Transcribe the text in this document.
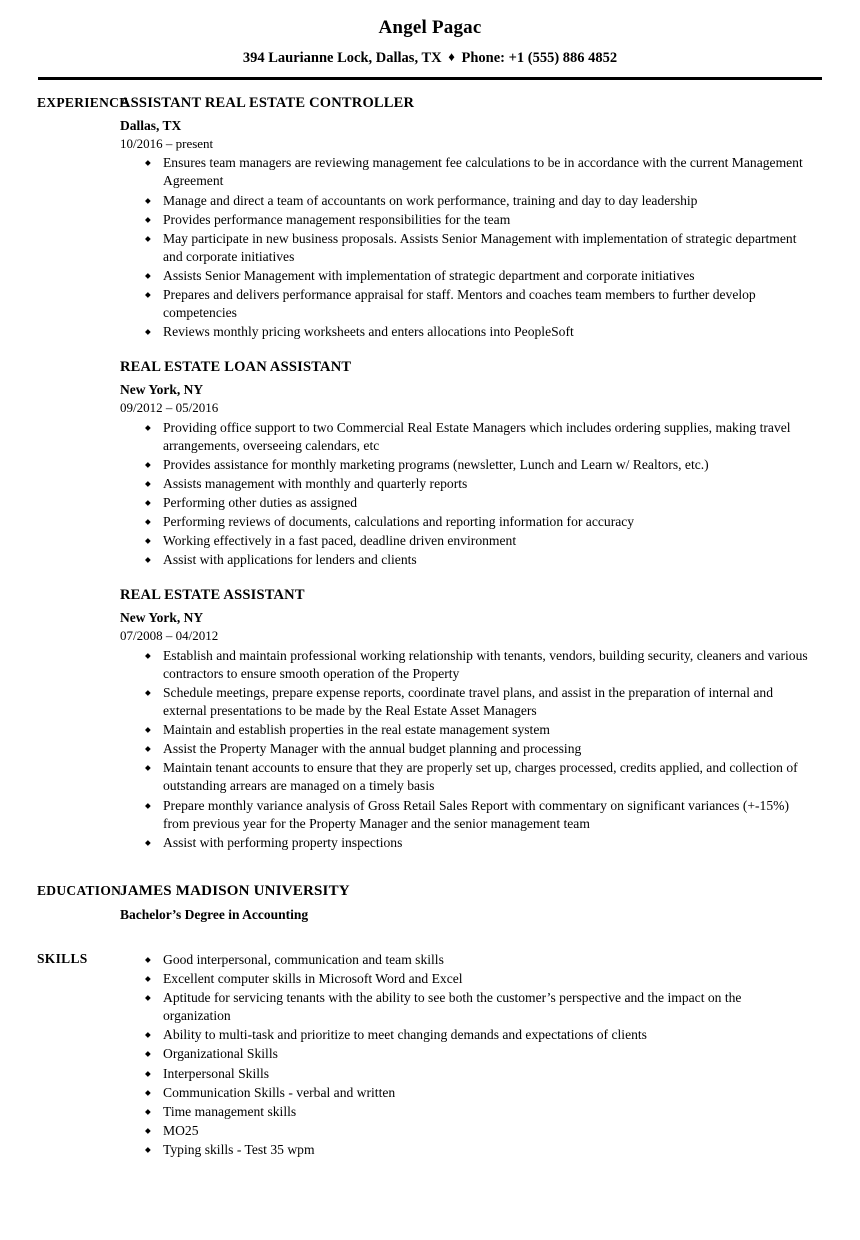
Angel Pagac
394 Laurianne Lock, Dallas, TX ♦ Phone: +1 (555) 886 4852
EXPERIENCE
ASSISTANT REAL ESTATE CONTROLLER
Dallas, TX
10/2016 – present
◆ Ensures team managers are reviewing management fee calculations to be in accordance with the current Management Agreement
◆ Manage and direct a team of accountants on work performance, training and day to day leadership
◆ Provides performance management responsibilities for the team
◆ May participate in new business proposals. Assists Senior Management with implementation of strategic department and corporate initiatives
◆ Assists Senior Management with implementation of strategic department and corporate initiatives
◆ Prepares and delivers performance appraisal for staff. Mentors and coaches team members to further develop competencies
◆ Reviews monthly pricing worksheets and enters allocations into PeopleSoft
REAL ESTATE LOAN ASSISTANT
New York, NY
09/2012 – 05/2016
◆ Providing office support to two Commercial Real Estate Managers which includes ordering supplies, making travel arrangements, overseeing calendars, etc
◆ Provides assistance for monthly marketing programs (newsletter, Lunch and Learn w/ Realtors, etc.)
◆ Assists management with monthly and quarterly reports
◆ Performing other duties as assigned
◆ Performing reviews of documents, calculations and reporting information for accuracy
◆ Working effectively in a fast paced, deadline driven environment
◆ Assist with applications for lenders and clients
REAL ESTATE ASSISTANT
New York, NY
07/2008 – 04/2012
◆ Establish and maintain professional working relationship with tenants, vendors, building security, cleaners and various contractors to ensure smooth operation of the Property
◆ Schedule meetings, prepare expense reports, coordinate travel plans, and assist in the preparation of internal and external presentations to be made by the Real Estate Asset Managers
◆ Maintain and establish properties in the real estate management system
◆ Assist the Property Manager with the annual budget planning and processing
◆ Maintain tenant accounts to ensure that they are properly set up, charges processed, credits applied, and collection of outstanding arrears are managed on a timely basis
◆ Prepare monthly variance analysis of Gross Retail Sales Report with commentary on significant variances (+-15%) from previous year for the Property Manager and the senior management team
◆ Assist with performing property inspections
EDUCATION
JAMES MADISON UNIVERSITY
Bachelor’s Degree in Accounting
SKILLS	◆ Good interpersonal, communication and team skills
◆ Excellent computer skills in Microsoft Word and Excel
◆ Aptitude for servicing tenants with the ability to see both the customer’s perspective and the impact on the organization
◆ Ability to multi-task and prioritize to meet changing demands and expectations of clients
◆ Organizational Skills
◆ Interpersonal Skills
◆ Communication Skills - verbal and written
◆ Time management skills
◆ MO25
◆ Typing skills - Test 35 wpm
